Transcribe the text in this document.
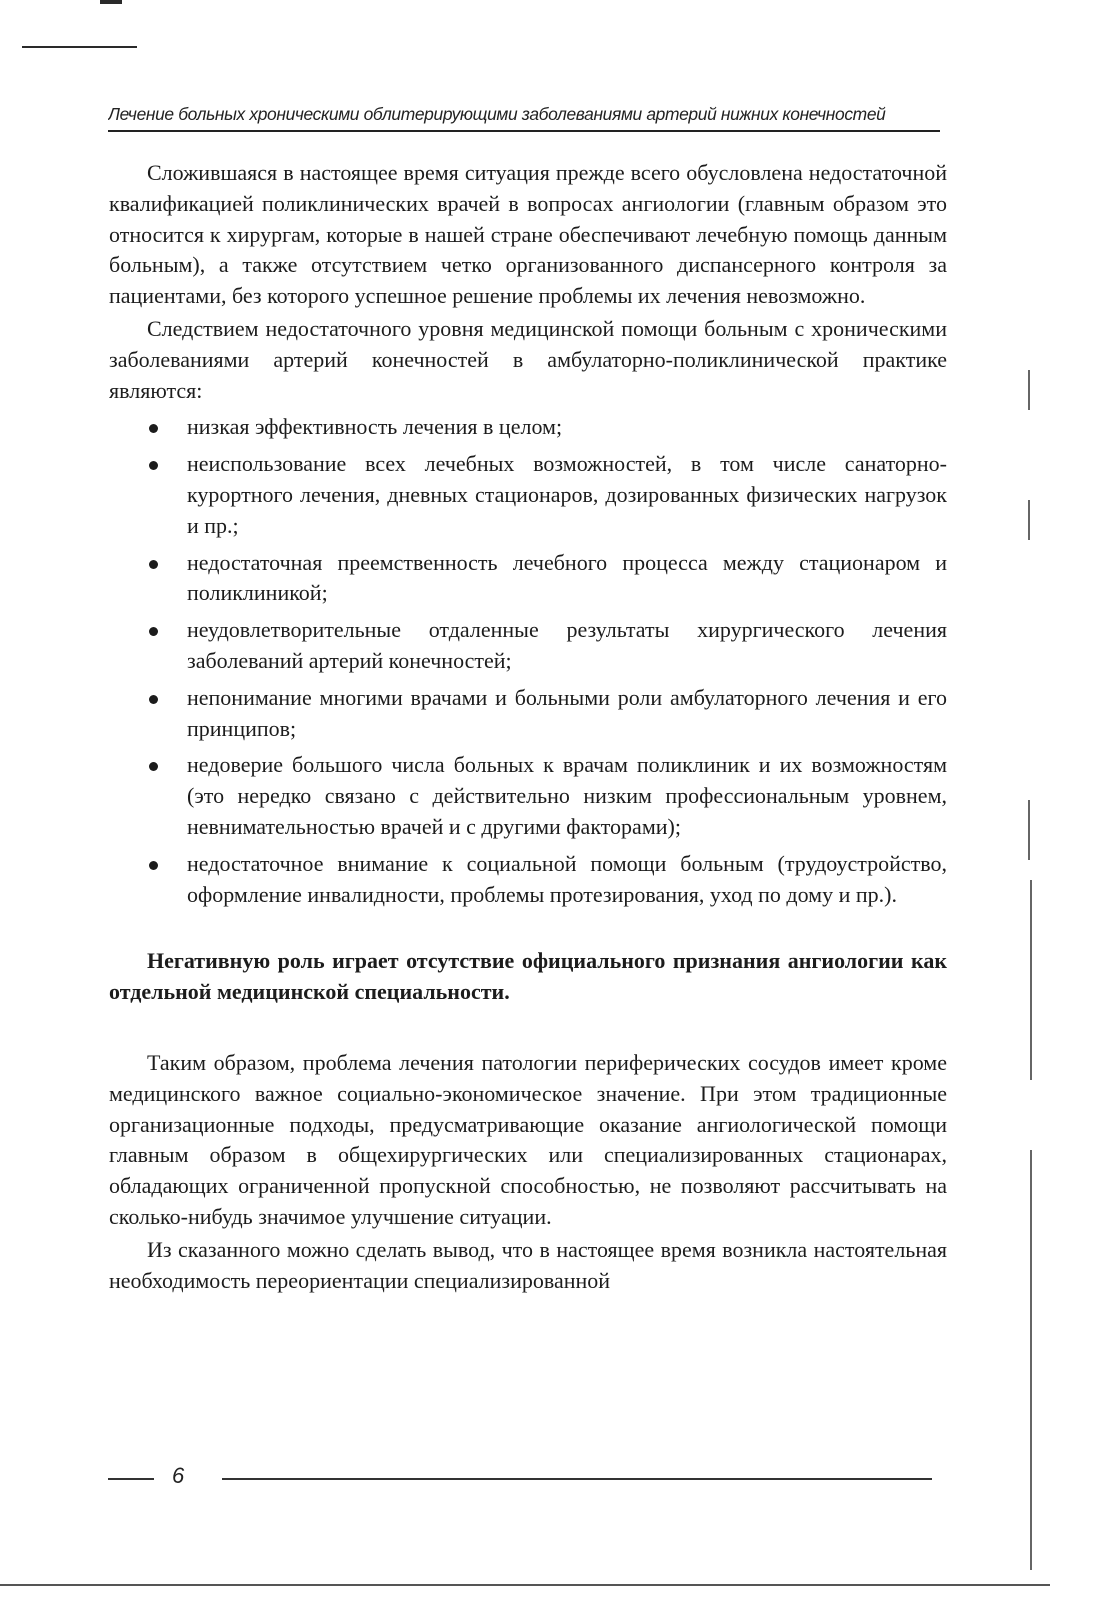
Лечение больных хроническими облитерирующими заболеваниями артерий нижних конечностей

Сложившаяся в настоящее время ситуация прежде всего обусловлена недостаточной квалификацией поликлинических врачей в вопросах ангиологии (главным образом это относится к хирургам, которые в нашей стране обеспечивают лечебную помощь данным больным), а также отсутствием четко организованного диспансерного контроля за пациентами, без которого успешное решение проблемы их лечения невозможно.

Следствием недостаточного уровня медицинской помощи больным с хроническими заболеваниями артерий конечностей в амбулаторно-поликлинической практике являются:

низкая эффективность лечения в целом;
неиспользование всех лечебных возможностей, в том числе санаторно-курортного лечения, дневных стационаров, дозированных физических нагрузок и пр.;
недостаточная преемственность лечебного процесса между стационаром и поликлиникой;
неудовлетворительные отдаленные результаты хирургического лечения заболеваний артерий конечностей;
непонимание многими врачами и больными роли амбулаторного лечения и его принципов;
недоверие большого числа больных к врачам поликлиник и их возможностям (это нередко связано с действительно низким профессиональным уровнем, невнимательностью врачей и с другими факторами);
недостаточное внимание к социальной помощи больным (трудоустройство, оформление инвалидности, проблемы протезирования, уход по дому и пр.).

Негативную роль играет отсутствие официального признания ангиологии как отдельной медицинской специальности.

Таким образом, проблема лечения патологии периферических сосудов имеет кроме медицинского важное социально-экономическое значение. При этом традиционные организационные подходы, предусматривающие оказание ангиологической помощи главным образом в общехирургических или специализированных стационарах, обладающих ограниченной пропускной способностью, не позволяют рассчитывать на сколько-нибудь значимое улучшение ситуации.

Из сказанного можно сделать вывод, что в настоящее время возникла настоятельная необходимость переориентации специализированной

6
